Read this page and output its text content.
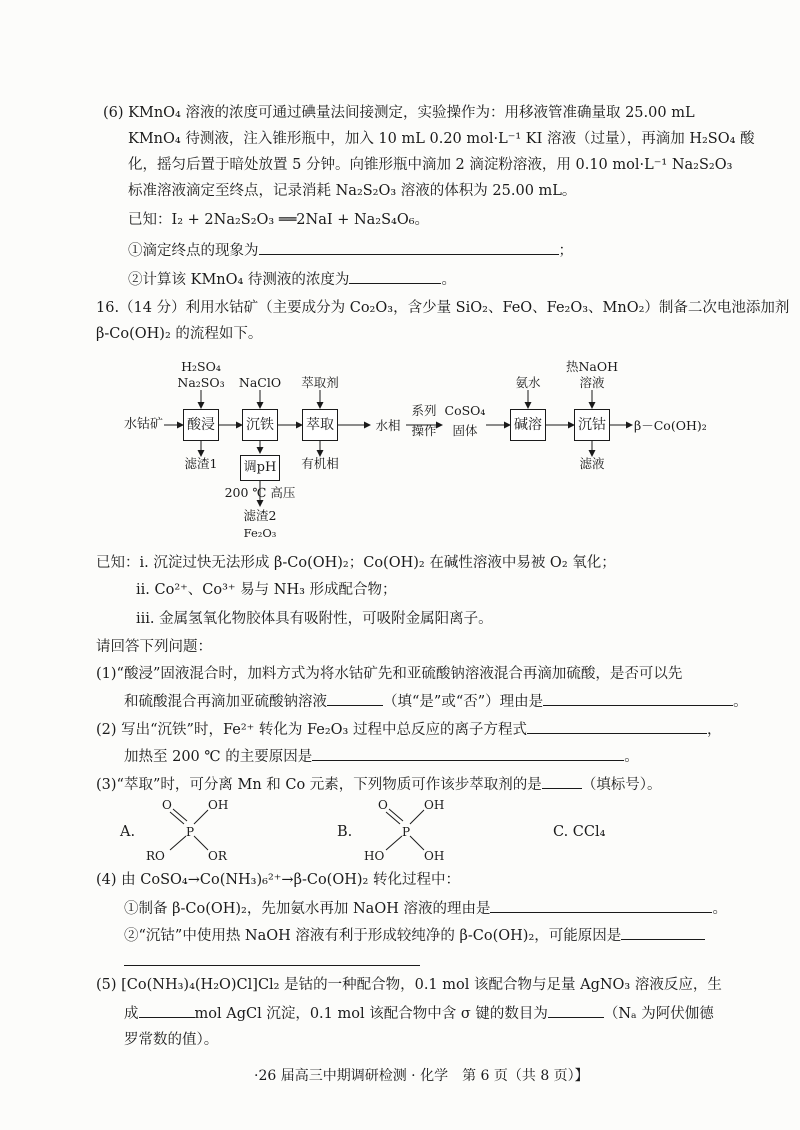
(6) KMnO₄ 溶液的浓度可通过碘量法间接测定，实验操作为：用移液管准确量取 25.00 mL
KMnO₄ 待测液，注入锥形瓶中，加入 10 mL 0.20 mol·L⁻¹ KI 溶液（过量），再滴加 H₂SO₄ 酸
化，摇匀后置于暗处放置 5 分钟。向锥形瓶中滴加 2 滴淀粉溶液，用 0.10 mol·L⁻¹ Na₂S₂O₃
标准溶液滴定至终点，记录消耗 Na₂S₂O₃ 溶液的体积为 25.00 mL。
已知：I₂ + 2Na₂S₂O₃ ══2NaI + Na₂S₄O₆。
①滴定终点的现象为	；
②计算该 KMnO₄ 待测液的浓度为	。
16.（14 分）利用水钴矿（主要成分为 Co₂O₃，含少量 SiO₂、FeO、Fe₂O₃、MnO₂）制备二次电池添加剂
β-Co(OH)₂ 的流程如下。
水钴矿 酸浸 沉铁 萃取	碱溶	沉钴
调pH
H₂SO₄
Na₂SO₃	NaClO	萃取剂	氨水
热NaOH
溶液
滤渣1	有机相	滤液
水相
系列
操作
CoSO₄
固体	β－Co(OH)₂
200 ℃ 高压
滤渣2
Fe₂O₃
已知：ⅰ. 沉淀过快无法形成 β-Co(OH)₂；Co(OH)₂ 在碱性溶液中易被 O₂ 氧化；
ⅱ. Co²⁺、Co³⁺ 易与 NH₃ 形成配合物；
ⅲ. 金属氢氧化物胶体具有吸附性，可吸附金属阳离子。
请回答下列问题：
(1)“酸浸”固液混合时，加料方式为将水钴矿先和亚硫酸钠溶液混合再滴加硫酸，是否可以先
和硫酸混合再滴加亚硫酸钠溶液	（填“是”或“否”）理由是	。
(2) 写出“沉铁”时，Fe²⁺ 转化为 Fe₂O₃ 过程中总反应的离子方程式	，
加热至 200 ℃ 的主要原因是	。
(3)“萃取”时，可分离 Mn 和 Co 元素，下列物质可作该步萃取剂的是	（填标号）。
A.	B.	C. CCl₄
O
P
OH
RO	OR
O
P
OH
HO	OH
(4) 由 CoSO₄→Co(NH₃)₆²⁺→β-Co(OH)₂ 转化过程中：
①制备 β-Co(OH)₂，先加氨水再加 NaOH 溶液的理由是	。
②“沉钴”中使用热 NaOH 溶液有利于形成较纯净的 β-Co(OH)₂，可能原因是
(5) [Co(NH₃)₄(H₂O)Cl]Cl₂ 是钴的一种配合物，0.1 mol 该配合物与足量 AgNO₃ 溶液反应，生
成	mol AgCl 沉淀，0.1 mol 该配合物中含 σ 键的数目为	（Nₐ 为阿伏伽德
罗常数的值）。
·26 届高三中期调研检测 · 化学　第 6 页（共 8 页）】
